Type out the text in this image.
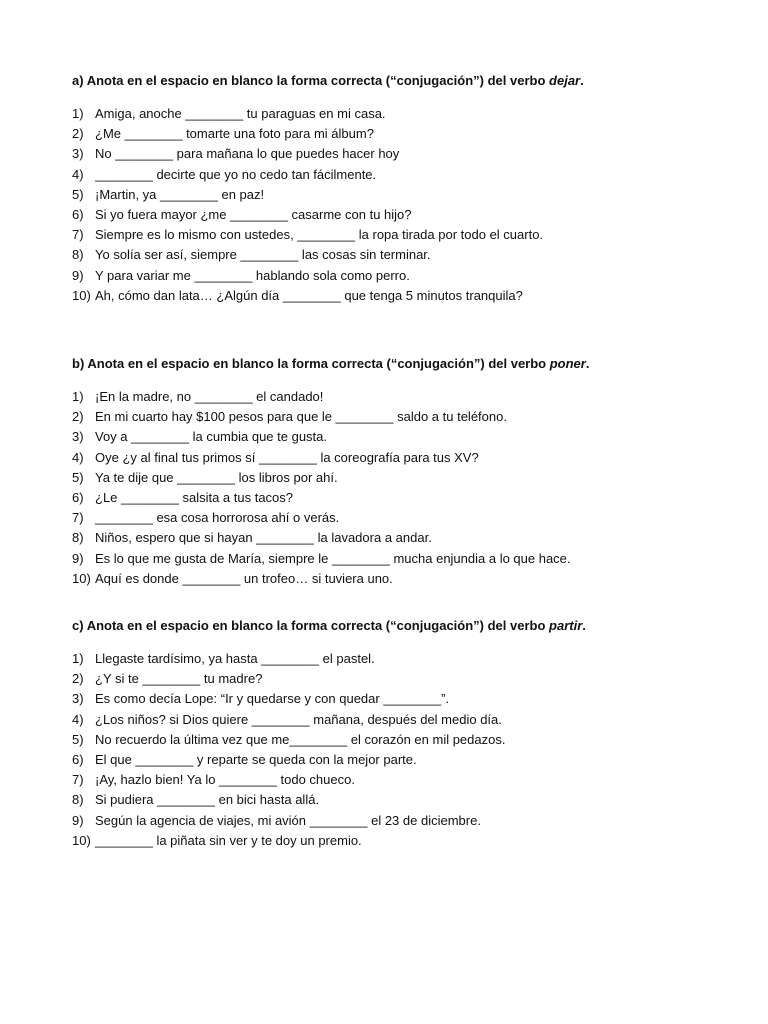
a) Anota en el espacio en blanco la forma correcta (“conjugación”) del verbo dejar.

1) Amiga, anoche ________ tu paraguas en mi casa.
2) ¿Me ________ tomarte una foto para mi álbum?
3) No ________ para mañana lo que puedes hacer hoy
4) ________ decirte que yo no cedo tan fácilmente.
5) ¡Martin, ya ________ en paz!
6) Si yo fuera mayor ¿me ________ casarme con tu hijo?
7) Siempre es lo mismo con ustedes, ________ la ropa tirada por todo el cuarto.
8) Yo solía ser así, siempre ________ las cosas sin terminar.
9) Y para variar me ________ hablando sola como perro.
10) Ah, cómo dan lata… ¿Algún día ________ que tenga 5 minutos tranquila?

b) Anota en el espacio en blanco la forma correcta (“conjugación”) del verbo poner.

1) ¡En la madre, no ________ el candado!
2) En mi cuarto hay $100 pesos para que le ________ saldo a tu teléfono.
3) Voy a ________ la cumbia que te gusta.
4) Oye ¿y al final tus primos sí ________ la coreografía para tus XV?
5) Ya te dije que ________ los libros por ahí.
6) ¿Le ________ salsita a tus tacos?
7) ________ esa cosa horrorosa ahí o verás.
8) Niños, espero que si hayan ________ la lavadora a andar.
9) Es lo que me gusta de María, siempre le ________ mucha enjundia a lo que hace.
10) Aquí es donde ________ un trofeo… si tuviera uno.

c) Anota en el espacio en blanco la forma correcta (“conjugación”) del verbo partir.

1) Llegaste tardísimo, ya hasta ________ el pastel.
2) ¿Y si te ________ tu madre?
3) Es como decía Lope: “Ir y quedarse y con quedar ________”.
4) ¿Los niños? si Dios quiere ________ mañana, después del medio día.
5) No recuerdo la última vez que me________ el corazón en mil pedazos.
6) El que ________ y reparte se queda con la mejor parte.
7) ¡Ay, hazlo bien! Ya lo ________ todo chueco.
8) Si pudiera ________ en bici hasta allá.
9) Según la agencia de viajes, mi avión ________ el 23 de diciembre.
10) ________ la piñata sin ver y te doy un premio.
